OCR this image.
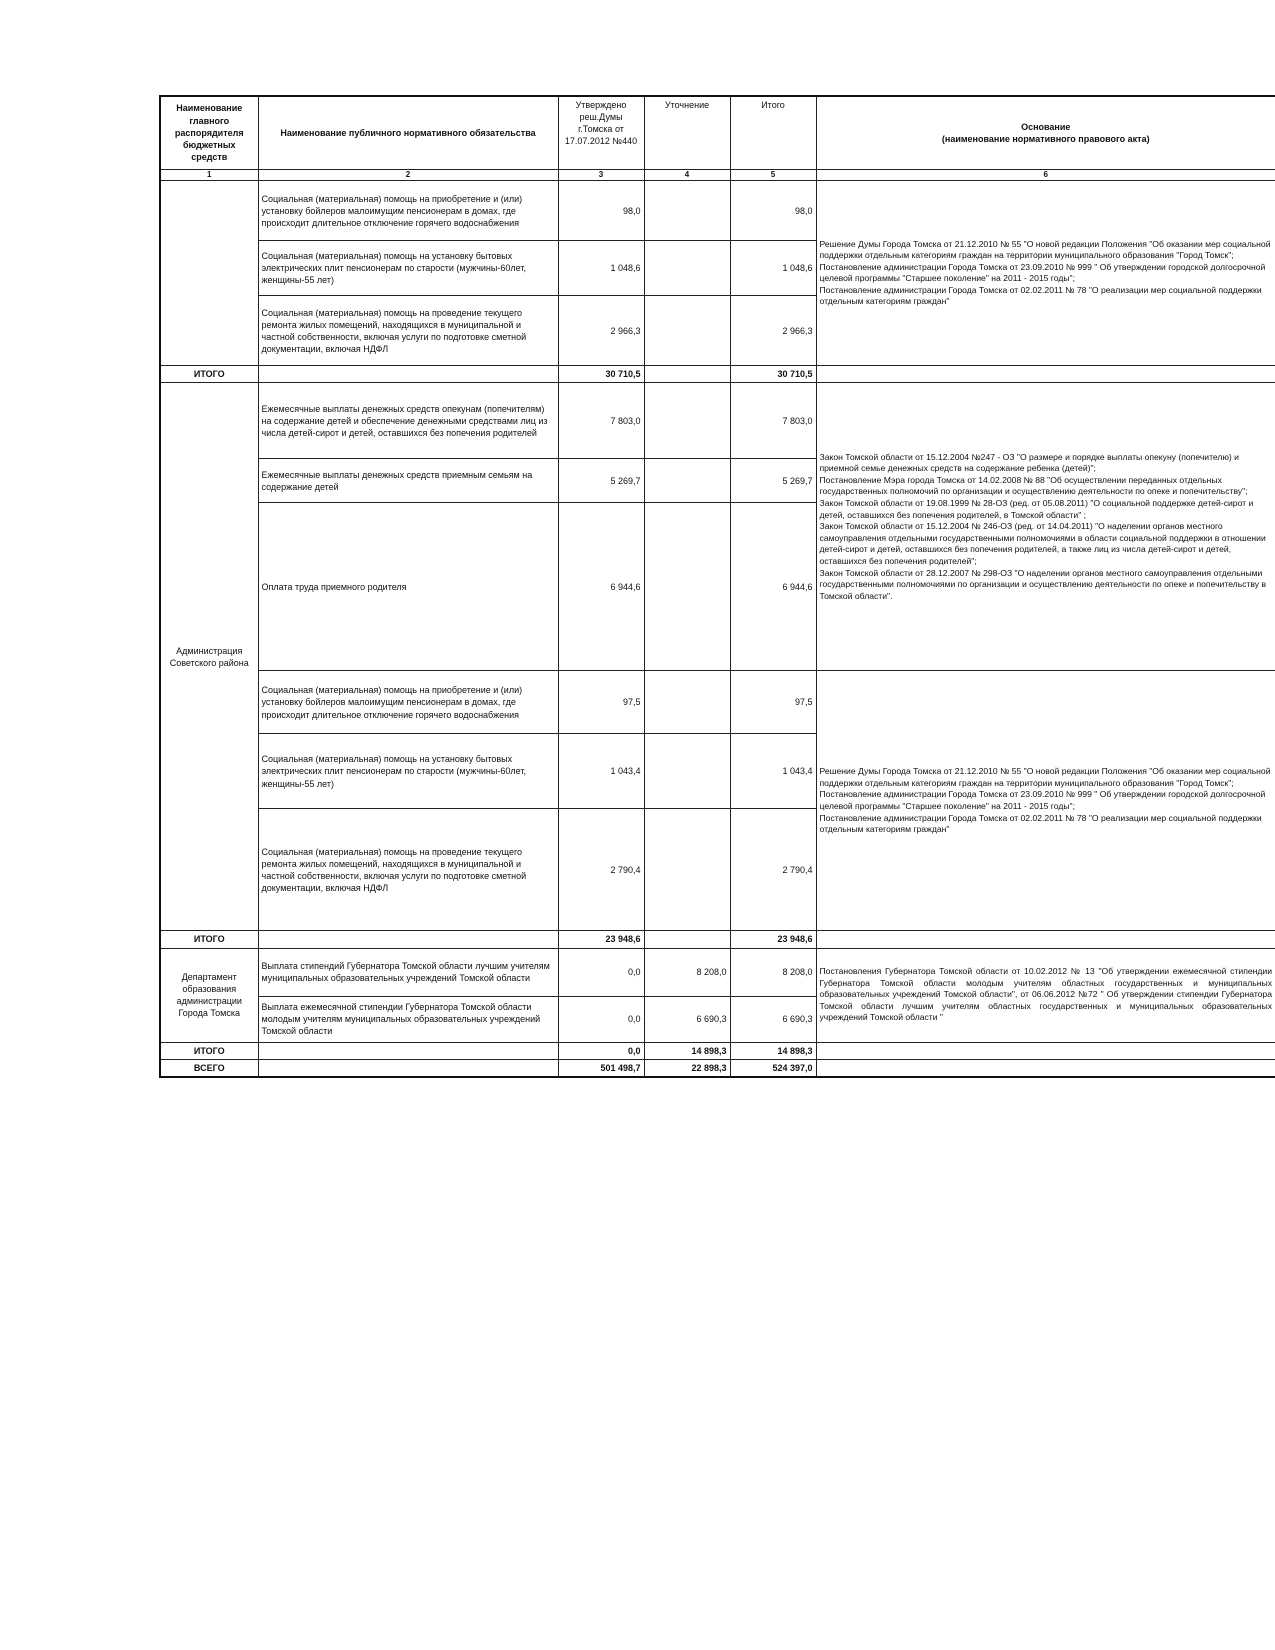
Наименование главного распорядителя бюджетных средств	Наименование публичного нормативного обязательства	Утверждено реш.Думы г.Томска от 17.07.2012 №440	Уточнение	Итого	Основание
(наименование нормативного правового акта)
1	2	3	4	5	6
	Социальная (материальная) помощь на приобретение и (или) установку бойлеров малоимущим пенсионерам в домах, где происходит длительное отключение горячего водоснабжения	98,0		98,0	Решение Думы Города Томска от 21.12.2010 № 55 "О новой редакции Положения "Об оказании мер социальной поддержки отдельным категориям граждан на территории муниципального образования "Город Томск";
Постановление администрации Города Томска от 23.09.2010 № 999 " Об утверждении городской долгосрочной целевой программы "Старшее поколение" на 2011 - 2015 годы";
Постановление администрации Города Томска от 02.02.2011 № 78 "О реализации мер социальной поддержки отдельным категориям граждан"
	Социальная (материальная) помощь на установку бытовых электрических плит пенсионерам по старости (мужчины-60лет, женщины-55 лет)	1 048,6		1 048,6	
	Социальная (материальная) помощь на проведение текущего ремонта жилых помещений, находящихся в муниципальной и частной собственности, включая услуги по подготовке сметной документации, включая НДФЛ	2 966,3		2 966,3	
ИТОГО		30 710,5		30 710,5	
Администрация Советского района	Ежемесячные выплаты денежных средств опекунам (попечителям) на содержание детей и обеспечение денежными средствами лиц из числа детей-сирот и детей, оставшихся без попечения родителей	7 803,0		7 803,0	Закон Томской области от 15.12.2004 №247 - ОЗ "О размере и порядке выплаты опекуну (попечителю) и приемной семье денежных средств на содержание ребенка (детей)";
Постановление Мэра города Томска от 14.02.2008 № 88 "Об осуществлении переданных отдельных государственных полномочий по организации и осуществлению деятельности по опеке и попечительству";
Закон Томской области от 19.08.1999 № 28-ОЗ (ред. от 05.08.2011) "О социальной поддержке детей-сирот и детей, оставшихся без попечения родителей, в Томской области" ;
Закон Томской области от 15.12.2004 № 246-ОЗ (ред. от 14.04.2011) "О наделении органов местного самоуправления отдельными государственными полномочиями в области социальной поддержки в отношении детей-сирот и детей, оставшихся без попечения родителей, а также лиц из числа детей-сирот и детей, оставшихся без попечения родителей";
Закон Томской области от 28.12.2007 № 298-ОЗ "О наделении органов местного самоуправления отдельными государственными полномочиями по организации и осуществлению деятельности по опеке и попечительству в Томской области".
	Ежемесячные выплаты денежных средств приемным семьям на содержание детей	5 269,7		5 269,7	
	Оплата труда приемного родителя	6 944,6		6 944,6	
	Социальная (материальная) помощь на приобретение и (или) установку бойлеров малоимущим пенсионерам в домах, где происходит длительное отключение горячего водоснабжения	97,5		97,5	Решение Думы Города Томска от 21.12.2010 № 55 "О новой редакции Положения "Об оказании мер социальной поддержки отдельным категориям граждан на территории муниципального образования "Город Томск";
Постановление администрации Города Томска от 23.09.2010 № 999 " Об утверждении городской долгосрочной целевой программы "Старшее поколение" на 2011 - 2015 годы";
Постановление администрации Города Томска от 02.02.2011 № 78 "О реализации мер социальной поддержки отдельным категориям граждан"
	Социальная (материальная) помощь на установку бытовых электрических плит пенсионерам по старости (мужчины-60лет, женщины-55 лет)	1 043,4		1 043,4	
	Социальная (материальная) помощь на проведение текущего ремонта жилых помещений, находящихся в муниципальной и частной собственности, включая услуги по подготовке сметной документации, включая НДФЛ	2 790,4		2 790,4	
ИТОГО		23 948,6		23 948,6	
Департамент образования администрации Города Томска	Выплата стипендий Губернатора Томской области лучшим учителям муниципальных образовательных учреждений Томской области	0,0	8 208,0	8 208,0	Постановления Губернатора Томской области от 10.02.2012 № 13 "Об утверждении ежемесячной стипендии Губернатора Томской области молодым учителям областных государственных и муниципальных образовательных учреждений Томской области", от 06.06.2012 №72 " Об утверждении стипендии Губернатора Томской области лучшим учителям областных государственных и муниципальных образовательных учреждений Томской области "
	Выплата ежемесячной стипендии Губернатора Томской области молодым учителям муниципальных образовательных учреждений Томской области	0,0	6 690,3	6 690,3	
ИТОГО		0,0	14 898,3	14 898,3	
ВСЕГО		501 498,7	22 898,3	524 397,0	
